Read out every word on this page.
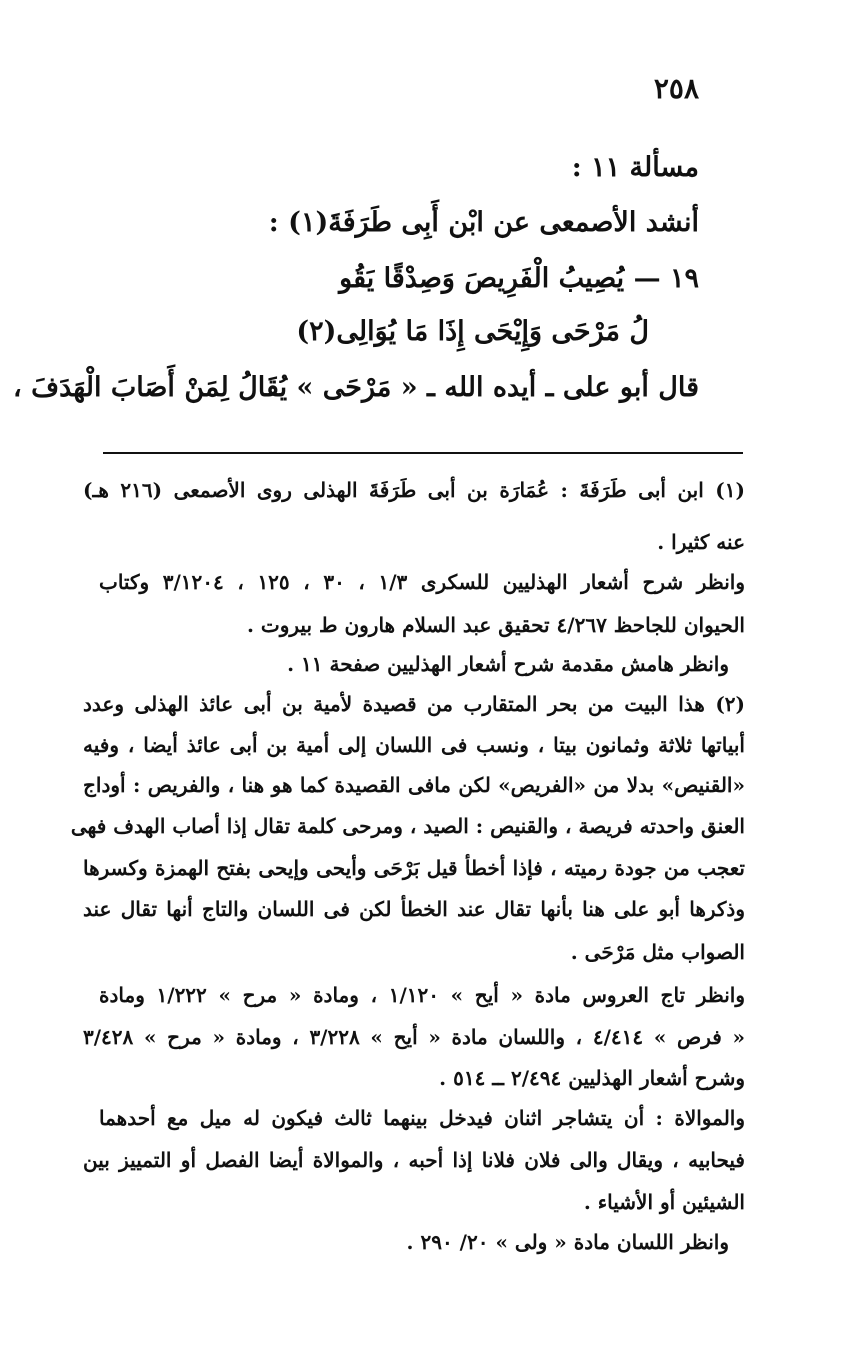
٢٥٨
مسألة ١١ :
أنشد الأصمعى عن ابْن أَبِى طَرَفَةَ(١) :
١٩ — يُصِيبُ الْفَرِيصَ وَصِدْقًا يَقُو
لُ مَرْحَى وَإِيْحَى إِذَا مَا يُوَالِى(٢)
قال أبو على ـ أيده الله ـ « مَرْحَى » يُقَالُ لِمَنْ أَصَابَ الْهَدَفَ ،
(١) ابن أبى طَرَفَةَ : عُمَارَة بن أبى طَرَفَةَ الهذلى روى الأصمعى (٢١٦ هـ)
عنه كثيرا .
وانظر شرح أشعار الهذليين للسكرى ١/٣ ، ٣٠ ، ١٢٥ ، ٣/١٢٠٤ وكتاب
الحيوان للجاحظ ٤/٢٦٧ تحقيق عبد السلام هارون ط بيروت .
وانظر هامش مقدمة شرح أشعار الهذليين صفحة ١١ .
(٢) هذا البيت من بحر المتقارب من قصيدة لأمية بن أبى عائذ الهذلى وعدد
أبياتها ثلاثة وثمانون بيتا ، ونسب فى اللسان إلى أمية بن أبى عائذ أيضا ، وفيه
«القنيص» بدلا من «الفريص» لكن مافى القصيدة كما هو هنا ، والفريص : أوداج
العنق واحدته فريصة ، والقنيص : الصيد ، ومرحى كلمة تقال إذا أصاب الهدف فهى
تعجب من جودة رميته ، فإذا أخطأ قيل بَرْحَى وأيحى وإيحى بفتح الهمزة وكسرها
وذكرها أبو على هنا بأنها تقال عند الخطأ لكن فى اللسان والتاج أنها تقال عند
الصواب مثل مَرْحَى .
وانظر تاج العروس مادة « أيح » ١/١٢٠ ، ومادة « مرح » ١/٢٢٢ ومادة
« فرص » ٤/٤١٤ ، واللسان مادة « أيح » ٣/٢٢٨ ، ومادة « مرح » ٣/٤٢٨
وشرح أشعار الهذليين ٢/٤٩٤ ــ ٥١٤ .
والموالاة : أن يتشاجر اثنان فيدخل بينهما ثالث فيكون له ميل مع أحدهما
فيحابيه ، ويقال والى فلان فلانا إذا أحبه ، والموالاة أيضا الفصل أو التمييز بين
الشيئين أو الأشياء .
وانظر اللسان مادة « ولى » ٢٠/ ٢٩٠ .
